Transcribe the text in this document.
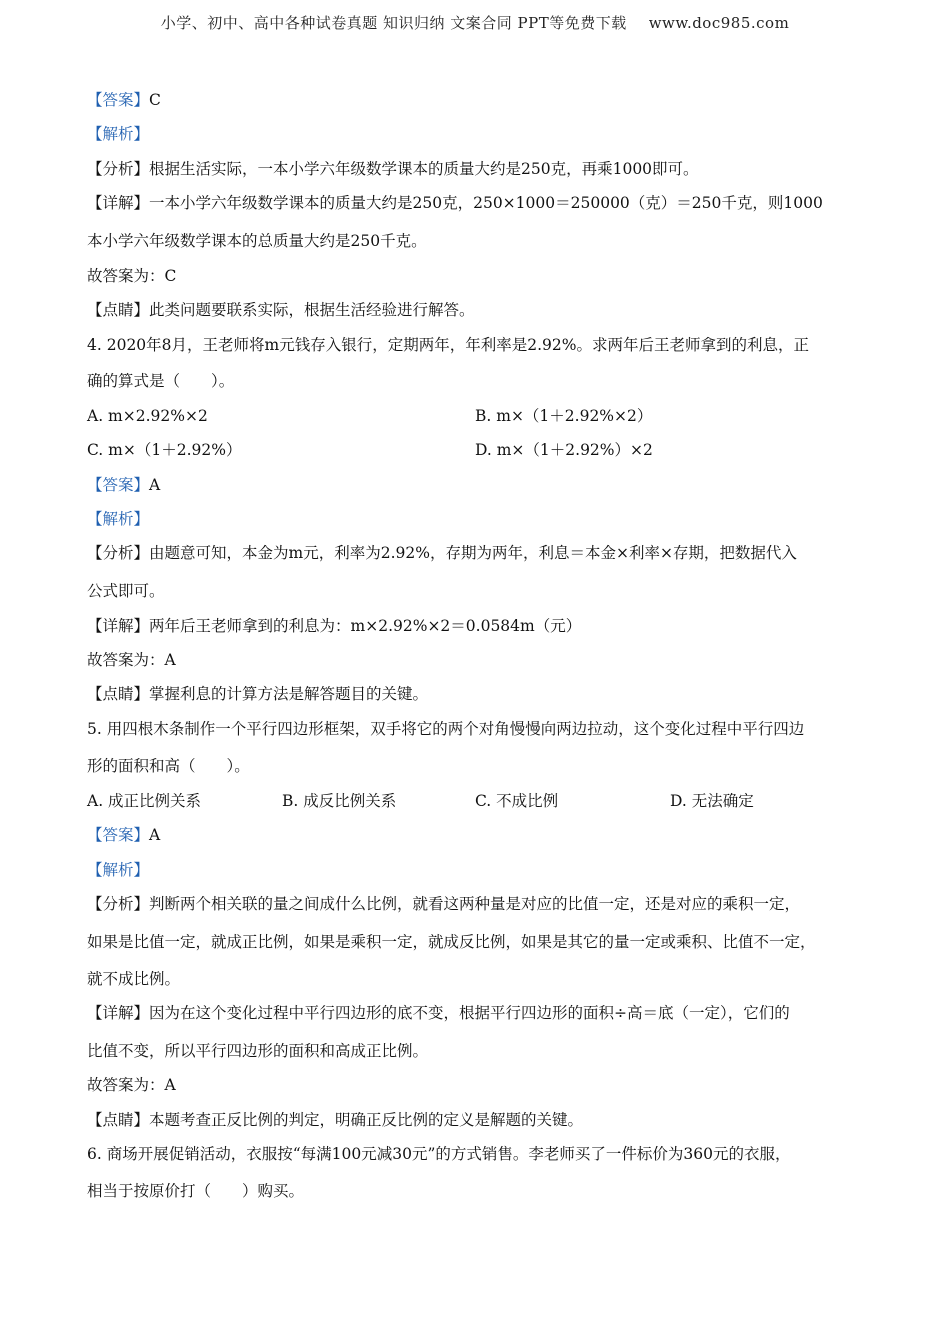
小学、初中、高中各种试卷真题 知识归纳 文案合同 PPT等免费下载 www.doc985.com
【答案】C
【解析】
【分析】根据生活实际，一本小学六年级数学课本的质量大约是250克，再乘1000即可。
【详解】一本小学六年级数学课本的质量大约是250克，250×1000＝250000（克）＝250千克，则1000
本小学六年级数学课本的总质量大约是250千克。
故答案为：C
【点睛】此类问题要联系实际，根据生活经验进行解答。
4. 2020年8月，王老师将m元钱存入银行，定期两年，年利率是2.92%。求两年后王老师拿到的利息，正
确的算式是（　　）。
A. m×2.92%×2	B. m×（1＋2.92%×2）
C. m×（1＋2.92%）	D. m×（1＋2.92%）×2
【答案】A
【解析】
【分析】由题意可知，本金为m元，利率为2.92%，存期为两年，利息＝本金×利率×存期，把数据代入
公式即可。
【详解】两年后王老师拿到的利息为：m×2.92%×2＝0.0584m（元）
故答案为：A
【点睛】掌握利息的计算方法是解答题目的关键。
5. 用四根木条制作一个平行四边形框架，双手将它的两个对角慢慢向两边拉动，这个变化过程中平行四边
形的面积和高（　　）。
A. 成正比例关系	B. 成反比例关系	C. 不成比例	D. 无法确定
【答案】A
【解析】
【分析】判断两个相关联的量之间成什么比例，就看这两种量是对应的比值一定，还是对应的乘积一定，
如果是比值一定，就成正比例，如果是乘积一定，就成反比例，如果是其它的量一定或乘积、比值不一定，
就不成比例。
【详解】因为在这个变化过程中平行四边形的底不变，根据平行四边形的面积÷高＝底（一定），它们的
比值不变，所以平行四边形的面积和高成正比例。
故答案为：A
【点睛】本题考查正反比例的判定，明确正反比例的定义是解题的关键。
6. 商场开展促销活动，衣服按“每满100元减30元”的方式销售。李老师买了一件标价为360元的衣服，
相当于按原价打（　　）购买。
